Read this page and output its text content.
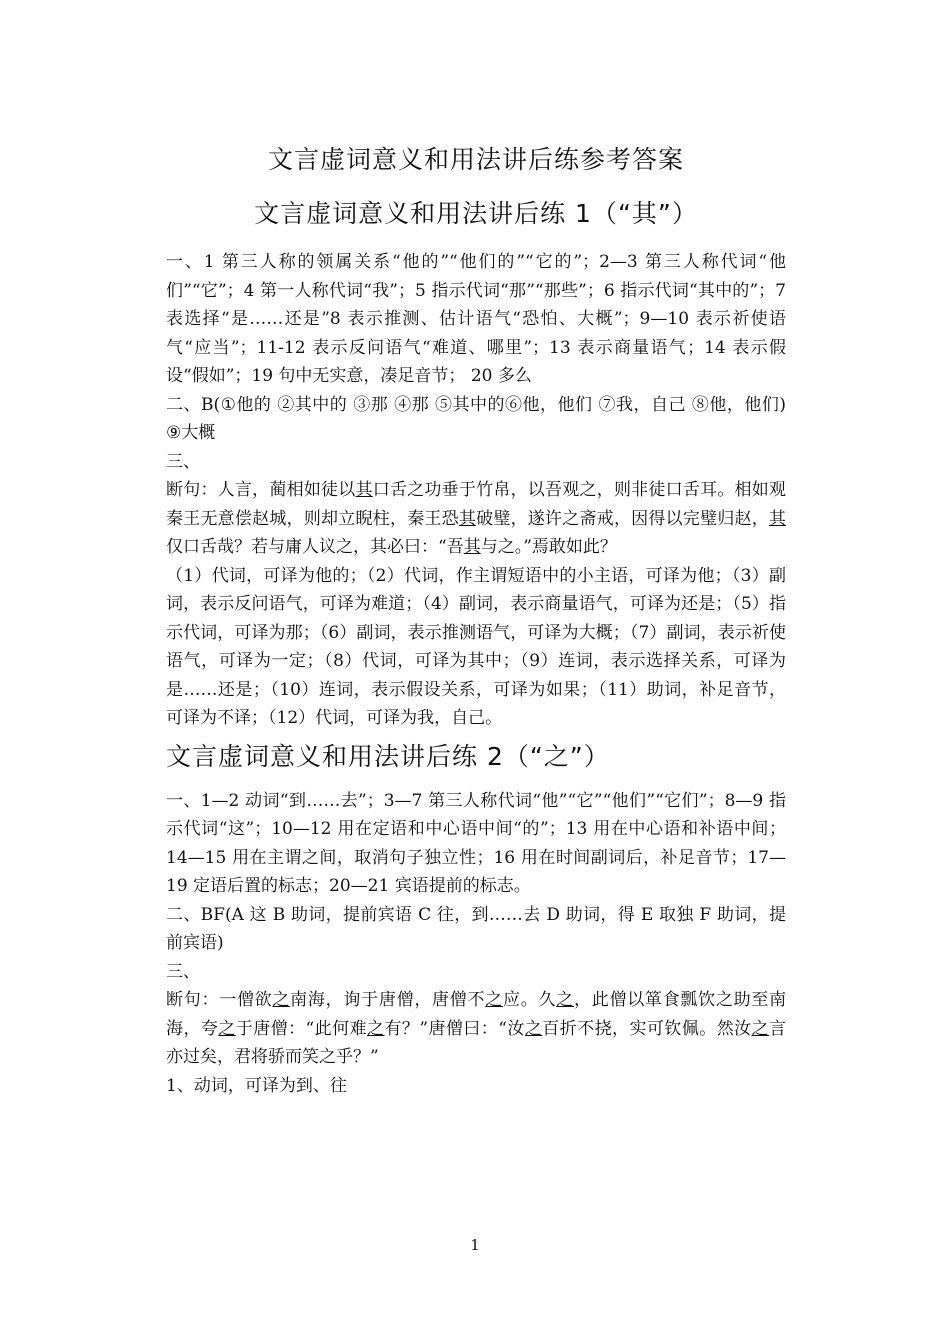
文言虚词意义和用法讲后练参考答案
文言虚词意义和用法讲后练 1（“其”）

一、1 第三人称的领属关系“他的”“他们的”“它的”；2—3 第三人称代词“他们”“它”；4 第一人称代词“我”；5 指示代词“那”“那些”；6 指示代词“其中的”；7 表选择“是……还是”8 表示推测、估计语气“恐怕、大概”；9—10 表示祈使语气“应当”；11-12 表示反问语气“难道、哪里”；13 表示商量语气；14 表示假设“假如”；19 句中无实意，凑足音节； 20 多么

二、B(①他的 ②其中的 ③那 ④那 ⑤其中的⑥他，他们 ⑦我，自己 ⑧他，他们) ⑨大概

三、

断句：人言，蔺相如徒以其口舌之功垂于竹帛，以吾观之，则非徒口舌耳。相如观秦王无意偿赵城，则却立睨柱，秦王恐其破璧，遂许之斋戒，因得以完璧归赵，其仅口舌哉？若与庸人议之，其必曰：“吾其与之。”焉敢如此？

（1）代词，可译为他的；（2）代词，作主谓短语中的小主语，可译为他；（3）副词，表示反问语气，可译为难道；（4）副词，表示商量语气，可译为还是；（5）指示代词，可译为那；（6）副词，表示推测语气，可译为大概；（7）副词，表示祈使语气，可译为一定；（8）代词，可译为其中；（9）连词，表示选择关系，可译为是……还是；（10）连词，表示假设关系，可译为如果；（11）助词，补足音节，可译为不译；（12）代词，可译为我，自己。

文言虚词意义和用法讲后练 2（“之”）

一、1—2 动词“到……去”；3—7 第三人称代词“他”“它”“他们”“它们”；8—9 指示代词“这”；10—12 用在定语和中心语中间“的”；13 用在中心语和补语中间；14—15 用在主谓之间，取消句子独立性；16 用在时间副词后，补足音节；17—19 定语后置的标志；20—21 宾语提前的标志。

二、BF(A 这 B 助词，提前宾语 C 往，到……去 D 助词，得 E 取独 F 助词，提前宾语)

三、

断句：一僧欲之南海，询于唐僧，唐僧不之应。久之，此僧以箪食瓢饮之助至南海，夸之于唐僧：“此何难之有？”唐僧曰：“汝之百折不挠，实可钦佩。然汝之言亦过矣，君将骄而笑之乎？”

1、动词，可译为到、往

1
